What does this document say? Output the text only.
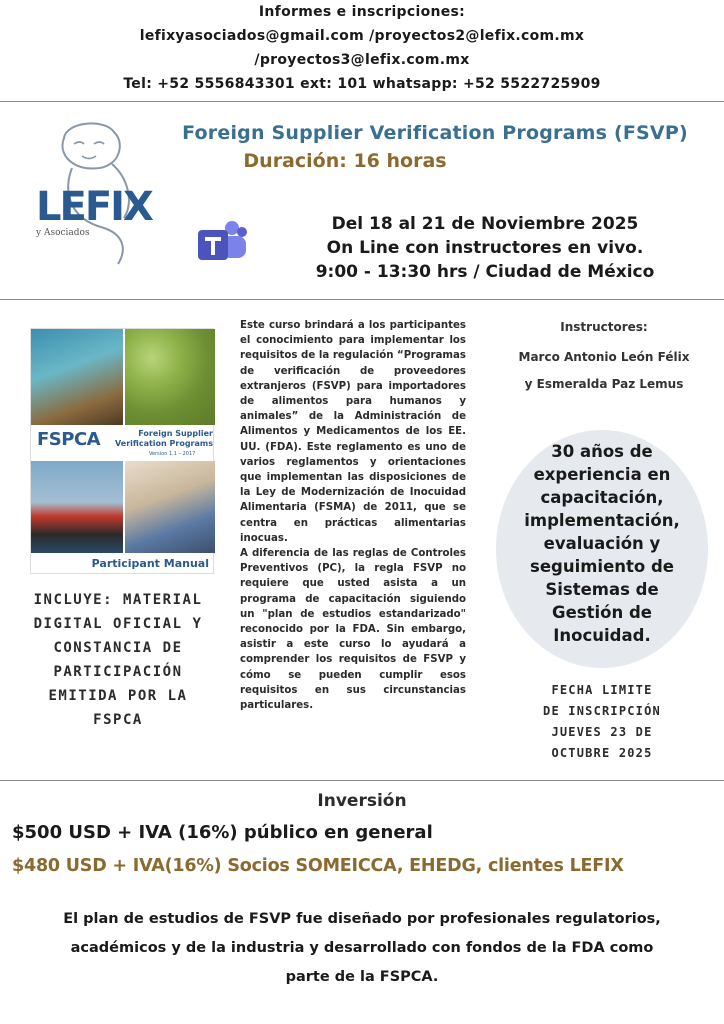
Informes e inscripciones:
lefixyasociados@gmail.com /proyectos2@lefix.com.mx
/proyectos3@lefix.com.mx
Tel: +52 5556843301 ext: 101 whatsapp: +52 5522725909
LEFIX
y Asociados
Foreign Supplier Verification Programs (FSVP)
Duración: 16 horas
Del 18 al 21 de Noviembre 2025
On Line con instructores en vivo.
9:00 - 13:30 hrs / Ciudad de México
FSPCA	Foreign Supplier
Verification Programs
Version 1.1 – 2017
Participant Manual
INCLUYE: MATERIAL
DIGITAL OFICIAL Y
CONSTANCIA DE
PARTICIPACIÓN
EMITIDA POR LA
FSPCA

Este curso brindará a los participantes el conocimiento para implementar los requisitos de la regulación “Programas de verificación de proveedores extranjeros (FSVP) para importadores de alimentos para humanos y animales” de la Administración de Alimentos y Medicamentos de los EE. UU. (FDA). Este reglamento es uno de varios reglamentos y orientaciones que implementan las disposiciones de la Ley de Modernización de Inocuidad Alimentaria (FSMA) de 2011, que se centra en prácticas alimentarias inocuas.

A diferencia de las reglas de Controles Preventivos (PC), la regla FSVP no requiere que usted asista a un programa de capacitación siguiendo un "plan de estudios estandarizado" reconocido por la FDA. Sin embargo, asistir a este curso lo ayudará a comprender los requisitos de FSVP y cómo se pueden cumplir esos requisitos en sus circunstancias particulares.

Instructores:
Marco Antonio León Félix
y Esmeralda Paz Lemus
30 años de
experiencia en
capacitación,
implementación,
evaluación y
seguimiento de
Sistemas de
Gestión de
Inocuidad.
FECHA LIMITE
DE INSCRIPCIÓN
JUEVES 23 DE
OCTUBRE 2025
Inversión
$500 USD + IVA (16%) público en general
$480 USD + IVA(16%) Socios SOMEICCA, EHEDG, clientes LEFIX
El plan de estudios de FSVP fue diseñado por profesionales regulatorios,
académicos y de la industria y desarrollado con fondos de la FDA como
parte de la FSPCA.
